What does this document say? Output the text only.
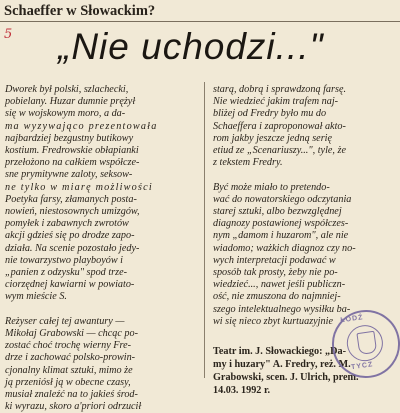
Schaeffer w Słowackim?
5 „Nie uchodzi..."
Dworek był polski, szlachecki,
pobielany. Huzar dumnie prężył
się w wojskowym moro, a da-
ma wyzywająco prezentowała
najbardziej bezgustny butikowy
kostium. Fredrowskie obłapianki
przełożono na całkiem współcze-
sne prymitywne zaloty, seksow-
ne tylko w miarę możliwości
Poetyka farsy, złamanych posta-
nowień, niestosownych umizgów,
pomyłek i zabawnych zwrotów
akcji gdzieś się po drodze zapo-
działa. Na scenie pozostało jedy-
nie towarzystwo playboyów i
„panien z odzysku" spod trze-
ciorzędnej kawiarni w powiato-
wym mieście S.

Reżyser całej tej awantury —
Mikołaj Grabowski — chcąc po-
zostać choć trochę wierny Fre-
drze i zachować polsko-prowin-
cjonalny klimat sztuki, mimo że
ją przeniósł ją w obecne czasy,
musiał znaleźć na to jakieś środ-
ki wyrazu, skoro a'priori odrzucił
starą, dobrą i sprawdzoną farsę.
Nie wiedzieć jakim trafem naj-
bliżej od Fredry było mu do
Schaeffera i zaproponował akto-
rom jakby jeszcze jedną serię
etiud ze „Scenariuszy...", tyle, że
z tekstem Fredry.

Być może miało to pretendo-
wać do nowatorskiego odczytania
starej sztuki, albo bezwzględnej
diagnozy postawionej współczes-
nym „damom i huzarom", ale nie
wiadomo; ważkich diagnoz czy no-
wych interpretacji podawać w
sposób tak prosty, żeby nie po-
wiedzieć..., nawet jeśli publiczn-
ość, nie zmuszona do najmniej-
szego intelektualnego wysiłku ba-
wi się nieco zbyt kurtuazyjnie
Teatr im. J. Słowackiego: „Da-
my i huzary" A. Fredry, reż. M.
Grabowski, scen. J. Ulrich, prem.
14.03. 1992 r.
ŁÓDŹ
TYCZ
